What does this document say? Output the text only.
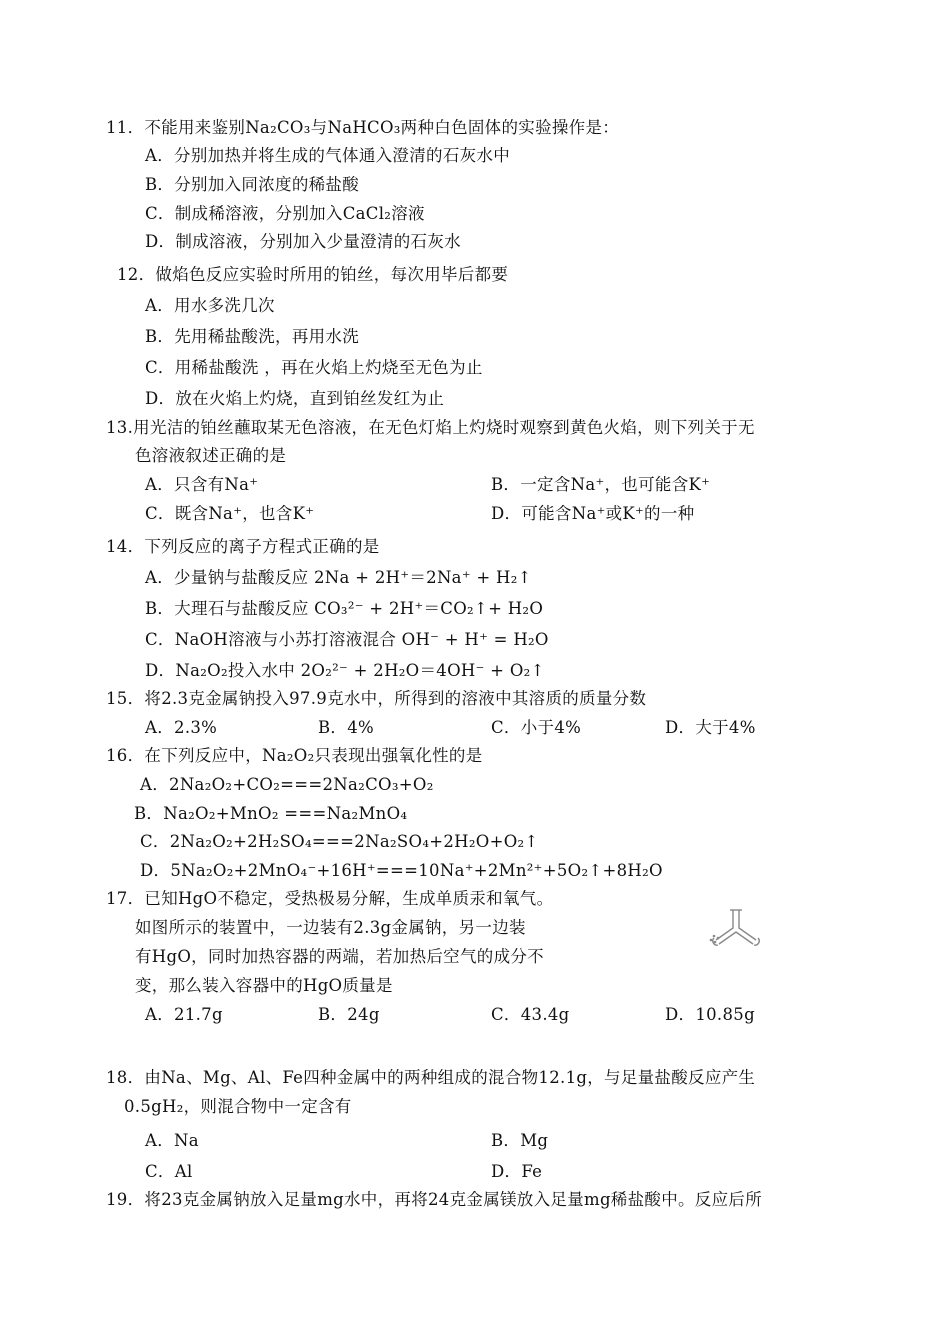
11．不能用来鉴别Na₂CO₃与NaHCO₃两种白色固体的实验操作是：
A．分别加热并将生成的气体通入澄清的石灰水中
B．分别加入同浓度的稀盐酸
C．制成稀溶液，分别加入CaCl₂溶液
D．制成溶液，分别加入少量澄清的石灰水
12．做焰色反应实验时所用的铂丝，每次用毕后都要
A．用水多洗几次
B．先用稀盐酸洗，再用水洗
C．用稀盐酸洗 ，再在火焰上灼烧至无色为止
D．放在火焰上灼烧，直到铂丝发红为止
13.用光洁的铂丝蘸取某无色溶液，在无色灯焰上灼烧时观察到黄色火焰，则下列关于无
色溶液叙述正确的是
A．只含有Na⁺	B．一定含Na⁺，也可能含K⁺
C．既含Na⁺，也含K⁺	D．可能含Na⁺或K⁺的一种
14．下列反应的离子方程式正确的是
A．少量钠与盐酸反应 2Na + 2H⁺＝2Na⁺ + H₂↑
B．大理石与盐酸反应 CO₃²⁻ + 2H⁺＝CO₂↑+ H₂O
C．NaOH溶液与小苏打溶液混合 OH⁻ + H⁺ = H₂O
D．Na₂O₂投入水中 2O₂²⁻ + 2H₂O＝4OH⁻ + O₂↑
15．将2.3克金属钠投入97.9克水中，所得到的溶液中其溶质的质量分数
A．2.3%	B．4%	C．小于4%	D．大于4%
16．在下列反应中，Na₂O₂只表现出强氧化性的是
A．2Na₂O₂+CO₂===2Na₂CO₃+O₂
B．Na₂O₂+MnO₂ ===Na₂MnO₄
C．2Na₂O₂+2H₂SO₄===2Na₂SO₄+2H₂O+O₂↑
D．5Na₂O₂+2MnO₄⁻+16H⁺===10Na⁺+2Mn²⁺+5O₂↑+8H₂O
17．已知HgO不稳定，受热极易分解，生成单质汞和氧气。
如图所示的装置中，一边装有2.3g金属钠，另一边装
有HgO，同时加热容器的两端，若加热后空气的成分不
变，那么装入容器中的HgO质量是
A．21.7g	B．24g	C．43.4g	D．10.85g
18．由Na、Mg、Al、Fe四种金属中的两种组成的混合物12.1g，与足量盐酸反应产生
0.5gH₂，则混合物中一定含有
A．Na	B．Mg
C．Al	D．Fe
19．将23克金属钠放入足量mg水中，再将24克金属镁放入足量mg稀盐酸中。反应后所
